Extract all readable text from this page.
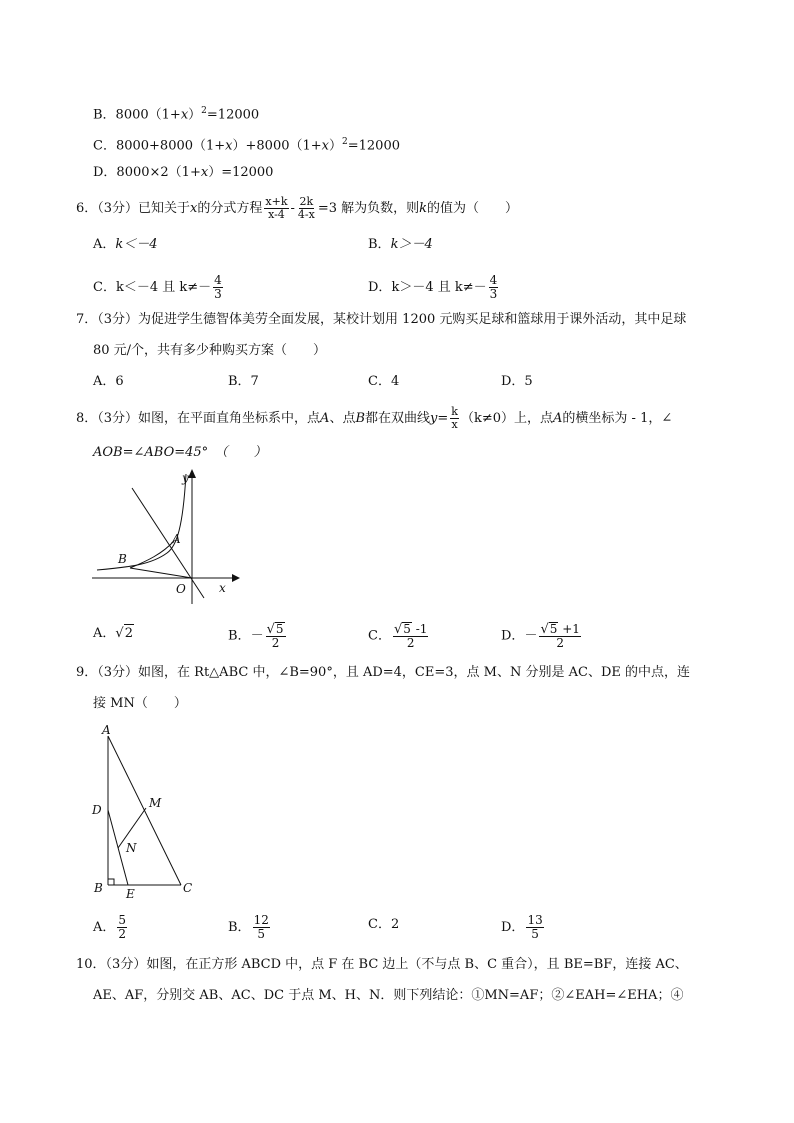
B．$8000(1+x)^2=12000$
C．$8000+8000(1+x)+8000(1+x)^2=12000$
D．8000×2（1+x）=12000
6．（3分）已知关于x的分式方程 $\frac{x+k}{x-4} - \frac{2k}{4-x} =3$ 解为负数，则k的值为（　　）
A．k＜－4	B．k＞－4
C．k＜－4 且 $k\ne- \frac{4}{3}$	D．k＞－4 且 $k\ne- \frac{4}{3}$
7．（3分）为促进学生德智体美劳全面发展，某校计划用 1200 元购买足球和篮球用于课外活动，其中足球
80 元/个，共有多少种购买方案（　　）
A．6	B．7	C．4	D．5
8．（3分）如图，在平面直角坐标系中，点A、点B都在双曲线$y= \frac{k}{x} (k\ne 0)$上，点A的横坐标为 - 1，∠
AOB=∠ABO=45°　（　　）
y
x
A
B
O
A． √ 2	B．－ $\frac{√ 5}{2}$	C． $\frac{√ 5 -1}{2}$	D．－ $\frac{√ 5 +1}{2}$
9．（3分）如图，在 Rt△ABC 中，∠B=90°，且 AD=4，CE=3，点 M、N 分别是 AC、DE 的中点，连
接 MN（　　）
A
D	M
N
B E	C
A． $\frac{5}{2}$	B． $\frac{12}{5}$	C．2	D． $\frac{13}{5}$
10．（3分）如图，在正方形 ABCD 中，点 F 在 BC 边上（不与点 B、C 重合），且 BE=BF，连接 AC、
AE、AF，分别交 AB、AC、DC 于点 M、H、N．则下列结论：①MN=AF；②∠EAH=∠EHA；④
